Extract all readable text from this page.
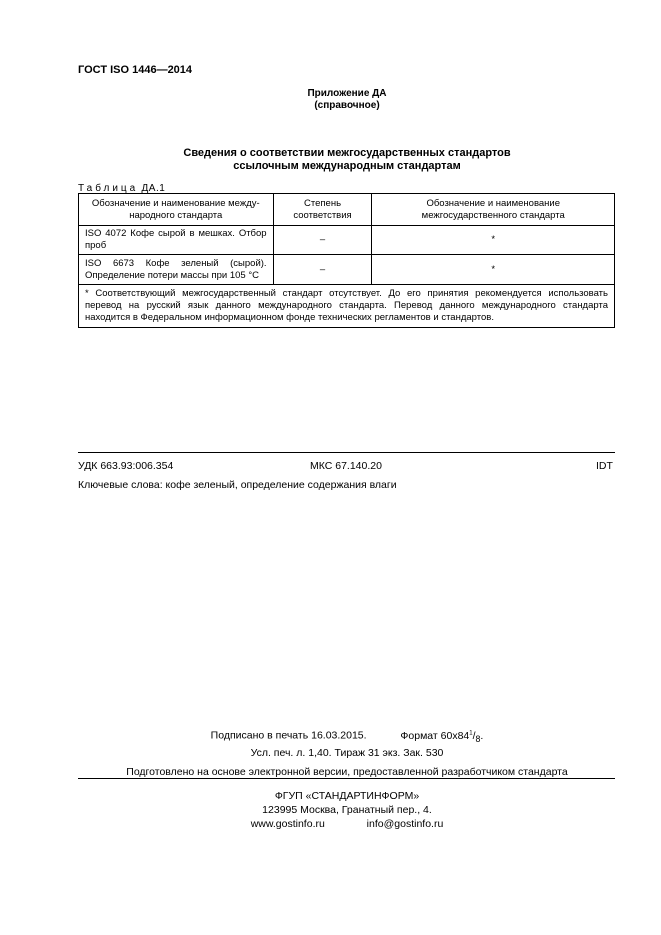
ГОСТ ISO 1446—2014
Приложение ДА
(справочное)
Сведения о соответствии межгосударственных стандартов
ссылочным международным стандартам
Таблица ДА.1
Обозначение и наименование между-народного стандарта	Степень соответствия	Обозначение и наименование межгосударственного стандарта
ISO 4072 Кофе сырой в мешках. Отбор проб	–	*
ISO 6673 Кофе зеленый (сырой). Определение потери массы при 105 °С	–	*
* Соответствующий межгосударственный стандарт отсутствует. До его принятия рекомендуется использовать перевод на русский язык данного международного стандарта. Перевод данного международного стандарта находится в Федеральном информационном фонде технических регламентов и стандартов.		
УДК 663.93:006.354	МКС 67.140.20	IDT
Ключевые слова: кофе зеленый, определение содержания влаги
Подписано в печать 16.03.2015.	Формат $60x84^1/_8$.
Усл. печ. л. 1,40. Тираж 31 экз. Зак. 530
Подготовлено на основе электронной версии, предоставленной разработчиком стандарта
ФГУП «СТАНДАРТИНФОРМ»
123995 Москва, Гранатный пер., 4.
www.gostinfo.ru	info@gostinfo.ru
